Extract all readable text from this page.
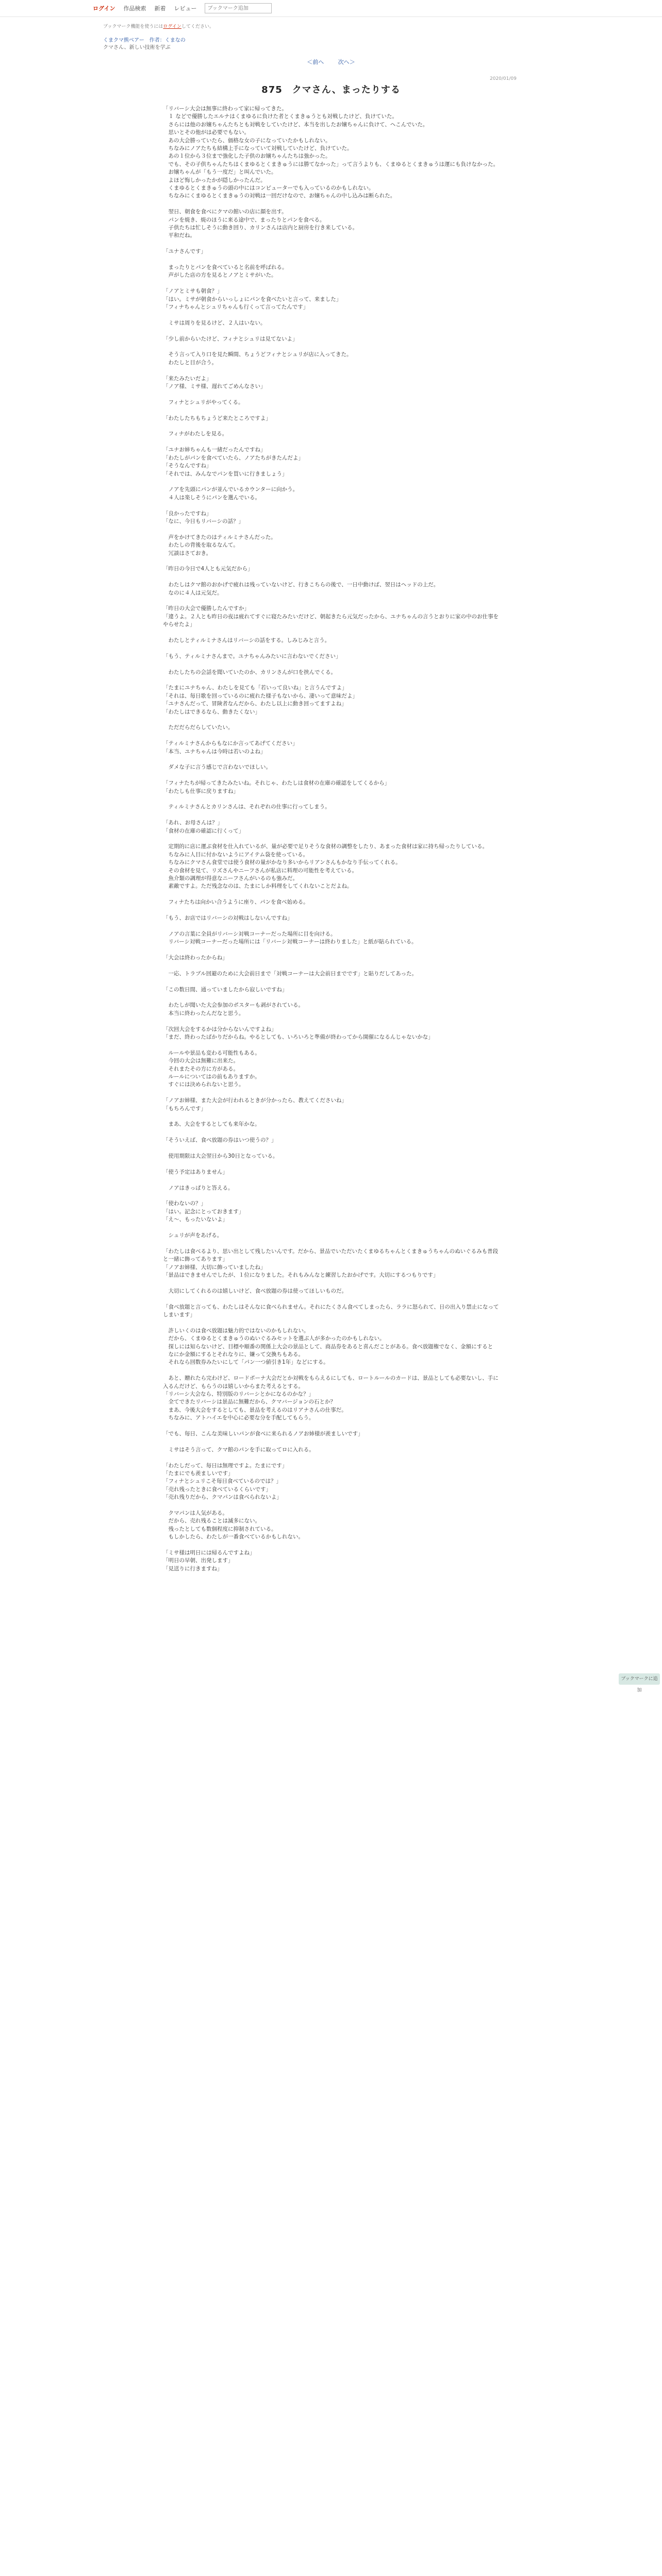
ログイン 作品検索 新着 レビュー
ブックマーク追加
ブックマーク機能を使うにはログインしてください。
くまクマ熊ベアー　作者：くまなの
クマさん、新しい技術を学ぶ
＜前へ	次へ＞
2020/01/09
875　クマさん、まったりする

「リバーシ大会は無事に終わって家に帰ってきた。

　１ などで優勝したエルナはくまゆるに負けた者とくまきゅうとも対戦したけど、負けていた。

　さらには他のお嬢ちゃんたちとも対戦をしていたけど、本当を出したお嬢ちゃんに負けて、ヘこんでいた。

　思いとその他がは必要でもない。

　あの大会勝っていたら、価格な女の子になっていたかもしれない。

　ちなみにノアたちも結構上手になっていて対戦していたけど、負けていた。

　あの１位から３位まで強化した子供のお嬢ちゃんたちは強かった。

　でも、その子供ちゃんたちはくまゆるとくまきゅうには勝てなかった」って言うよりも、くまゆるとくまきゅうは運にも負けなかった。

　お嬢ちゃんが「もう一度だ」と叫んでいた。

　よほど悔しかったかが隠しかったんだ。

　くまゆるとくまきゅうの頭の中にはコンピューターでも入っているのかもしれない。

　ちなみにくまゆるとくまきゅうの対戦は一回だけなので、お嬢ちゃんの中し込みは断られた。

　翌日、朝食を食べにクマの館いの店に顔を出す。

　パンを焼き、焼のほうに来る途中で、まったりとパンを食べる。

　子供たちは忙しそうに動き回り、カリンさんは店内と厨房を行き来している。

　平和だね。

「ユナさんです」

　まったりとパンを食べていると名前を呼ばれる。

　声がした店の方を見るとノアとミサがいた。

「ノアとミサも朝食？」

「はい。ミサが朝食からいっしょにパンを食べたいと言って、来ました」

「フィナちゃんとシュリちゃんも行くって言ってたんです」

　ミサは周りを見るけど、２人はいない。

「少し前からいたけど、フィナとシュリは見てないよ」

　そう言って入り口を見た瞬間、ちょうどフィナとシュリが店に入ってきた。

　わたしと目が合う。

「来たみたいだよ」

「ノア様、ミサ様、遅れてごめんなさい」

　フィナとシュリがやってくる。

「わたしたちもちょうど来たところですよ」

　フィナがわたしを見る。

「ユナお姉ちゃんも一緒だったんですね」

「わたしがパンを食べていたら、ノアたちがきたんだよ」

「そうなんですね」

「それでは、みんなでパンを買いに行きましょう」

　ノアを先頭にパンが並んでいるカウンターに向かう。

　４人は楽しそうにパンを選んでいる。

「良かったですね」

「なに、今日もリバーシの話？」

　声をかけてきたのはティルミナさんだった。

　わたしの背後を取るなんて。

　冗談はさておき。

「昨日の今日で4人とも元気だから」

　わたしはクマ館のおかげで疲れは残っていないけど、行きこちらの後で、一日中動けば、翌日はヘッドの上だ。

　なのに４人は元気だ。

「昨日の大会で優勝したんですか」

「違うよ。２人とも昨日の夜は疲れてすぐに寝たみたいだけど、朝起きたら元気だったから、ユナちゃんの言うとおりに家の中のお仕事をやらせたよ」

　わたしとティルミナさんはリバーシの話をする。しみじみと言う。

「もう、ティルミナさんまで。ユナちゃんみたいに言わないでください」

　わたしたちの会話を聞いていたのか、カリンさんが口を挟んでくる。

「たまにユナちゃん、わたしを見ても「若いって良いね」と言うんですよ」

「それは、毎日歌を回っているのに疲れた様子もないから、凄いって意味だよ」

「ユナさんだって、冒険者なんだから、わたし以上に動き回ってますよね」

「わたしはできるなら、動きたくない」

　ただだらだらしていたい。

「ティルミナさんからもなにか言ってあげてください」

「本当、ユナちゃんは今時は若いのよね」

　ダメな子に言う感じで言わないでほしい。

「フィナたちが帰ってきたみたいね。それじゃ、わたしは食材の在庫の確認をしてくるから」

「わたしも仕事に戻りますね」

　ティルミナさんとカリンさんは、それぞれの仕事に行ってしまう。

「あれ、お母さんは？」

「食材の在庫の確認に行くって」

　定期的に店に運ぶ食材を仕入れているが、量が必要で足りそうな食材の調整をしたり、あまった食材は家に持ち帰ったりしている。

　ちなみに人目に付かないようにアイテム袋を使っている。

　ちなみにクマさん食堂では使う食材の量がかなり多いからリアンさんもかなり手伝ってくれる。

　その食材を見て、リズさんやニーフさんが私店に料理の可能性を考えている。

　魚介類の調理が得意なニーフさんがいるのも強みだ。

　素敵ですよ。ただ残念なのは、たまにしか料理をしてくれないことだよね。

　フィナたちは向かい合うように座り、パンを食べ始める。

「もう、お店ではリバーシの対戦はしないんですね」

　ノアの言葉に全員がリバーシ対戦コーナーだった場所に目を向ける。

　リバーシ対戦コーナーだった場所には「リバーシ対戦コーナーは終わりました」と紙が貼られている。

「大会は終わったからね」

　一応、トラブル回避のために大会前日まで「対戦コーナーは大会前日までです」と貼りだしてあった。

「この数日間、通っていましたから寂しいですね」

　わたしが聞いた大会参加のポスターも剥がされている。

　本当に終わったんだなと思う。

「次回大会をするかは分からないんですよね」

「まだ、終わったばかりだからね。やるとしても、いろいろと準備が終わってから開催になるんじゃないかな」

　ルールや景品も変わる可能性もある。

　今回の大会は無難に出来た。

　それまたその方に方がある。

　ルールについてはの前もありますか。

　すぐには決められないと思う。

「ノアお姉様、また大会が行われるときが分かったら、教えてくださいね」

「もちろんです」

　まあ、大会をするとしても来年かな。

「そういえば、食べ放題の券はいつ使うの？」

　使用期限は大会翌日から30日となっている。

「使う予定はありません」

　ノアはきっぱりと答える。

「使わないの？」

「はい。記念にとっておきます」

「え～、もったいないよ」

　シュリが声をあげる。

「わたしは食べるより、思い出として残したいんです。だから、景品でいただいたくまゆるちゃんとくまきゅうちゃんのぬいぐるみも普段と一緒に飾ってあります」

「ノアお姉様、大切に飾っていましたね」

「景品はできませんでしたが、１位になりました。それもみんなと練習したおかげです。大切にするつもりです」

　大切にしてくれるのは嬉しいけど、食べ放題の券は使ってほしいものだ。

「食べ放題と言っても、わたしはそんなに食べられません。それにたくさん食べてしまったら、ララに怒られて、日の出入り禁止になってしまいます」

　許しいくのは食べ放題は魅力的ではないのかもしれない。

　だから、くまゆるとくまきゅうのぬいぐるみセットを選ぶ人が多かったのかもしれない。

　探しには知らないけど、目標や順番の関係上大会の景品として、商品券をあると喜んだことがある。食べ放題権でなく、金額にすると

　なにか金額にするとそれなりに、嫌って交換ちもある。

　それなら回数券みたいにして「パン一つ値引き1年」などにする。

　あと、贈れたら完わけど、ロードポーナ大会だとか対戦をもらえるにしても、ロートルールのカードは、景品としても必要ないし、手に入るんだけど、もらうのは嬉しいからまた考えるとする。

「リバーシ大会なら、特別版のリバーシとかになるのかな？」

　全てできたリバーシは景品に無難だから、クマバージョンの石とか？

　まあ、今後大会をするとしても、景品を考えるのはリアナさんの仕事だ。

　ちなみに、アトハイエを中心に必要な分を手配してもらう。

「でも、毎日、こんな美味しいパンが食べに来られるノアお姉様が羨ましいです」

　ミサはそう言って、クマ館のパンを手に取ってロに入れる。

「わたしだって、毎日は無理ですよ。たまにです」

「たまにでも羨ましいです」

「フィナとシュリこそ毎日食べているのでは？」

「売れ残ったときに食べているくらいです」

「売れ残りだから、クマパンは食べられないよ」

　クマパンは人気がある。

　だから、売れ残ることは滅多にない。

　残ったとしても数個程度に抑制されている。

　もしかしたら、わたしが一番食べているかもしれない。

「ミサ様は明日には帰るんですよね」

「明日の早朝、出発します」

「見送りに行きますね」

ブックマークに追加
